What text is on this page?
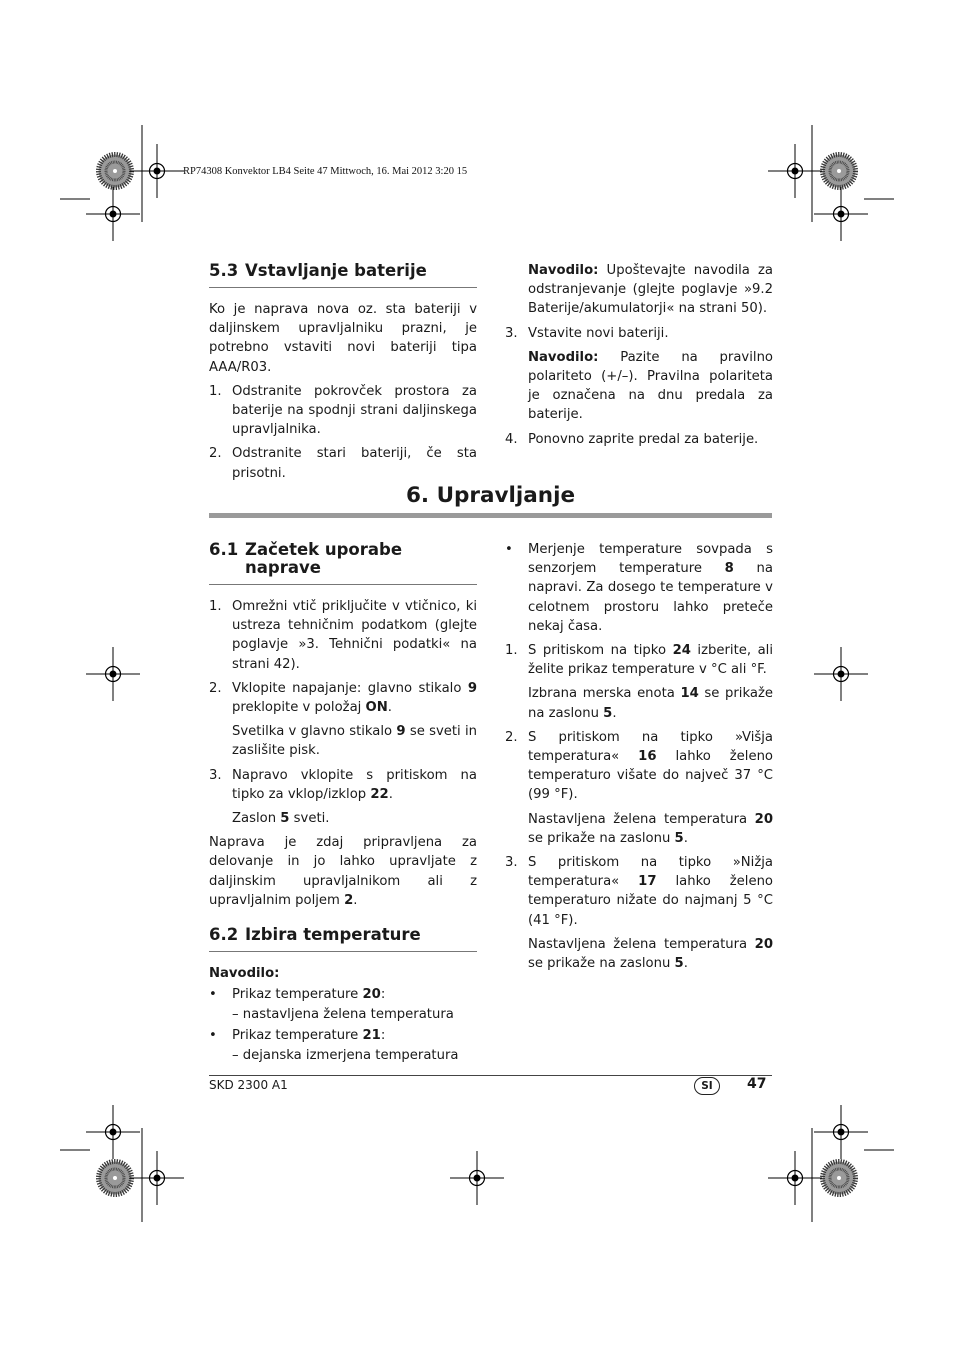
RP74308 Konvektor LB4 Seite 47 Mittwoch, 16. Mai 2012 3:20 15
5.3 Vstavljanje baterije

Ko je naprava nova oz. sta bateriji v daljinskem upravljalniku prazni, je potrebno vstaviti novi bateriji tipa AAA/R03.

1. Odstranite pokrovček prostora za baterije na spodnji strani daljinskega upravljalnika.
2. Odstranite stari bateriji, če sta prisotni.

Navodilo: Upoštevajte navodila za odstranjevanje (glejte poglavje »9.2 Baterije/akumulatorji« na strani 50).

3. Vstavite novi bateriji.

Navodilo: Pazite na pravilno polariteto (+/–). Pravilna polariteta je označena na dnu predala za baterije.

4. Ponovno zaprite predal za baterije.
6. Upravljanje
6.1 Začetek uporabe naprave
1. Omrežni vtič priključite v vtičnico, ki ustreza tehničnim podatkom (glejte poglavje »3. Tehnični podatki« na strani 42).
2. Vklopite napajanje: glavno stikalo 9 preklopite v položaj ON.

Svetilka v glavno stikalo 9 se sveti in zaslišite pisk.

3. Napravo vklopite s pritiskom na tipko za vklop/izklop 22.

Zaslon 5 sveti.

Naprava je zdaj pripravljena za delovanje in jo lahko upravljate z daljinskim upravljalnikom ali z upravljalnim poljem 2.

6.2 Izbira temperature

Navodilo:

•	Prikaz temperature 20:
– nastavljena želena temperatura
•	Prikaz temperature 21:
– dejanska izmerjena temperatura
•	Merjenje temperature sovpada s senzorjem temperature 8 na napravi. Za dosego te temperature v celotnem prostoru lahko preteče nekaj časa.
1. S pritiskom na tipko 24 izberite, ali želite prikaz temperature v °C ali °F.

Izbrana merska enota 14 se prikaže na zaslonu 5.

2. S pritiskom na tipko »Višja temperatura« 16 lahko želeno temperaturo višate do največ 37 °C (99 °F).

Nastavljena želena temperatura 20 se prikaže na zaslonu 5.

3. S pritiskom na tipko »Nižja temperatura« 17 lahko želeno temperaturo nižate do najmanj 5 °C (41 °F).

Nastavljena želena temperatura 20 se prikaže na zaslonu 5.

SKD 2300 A1	SI	47
